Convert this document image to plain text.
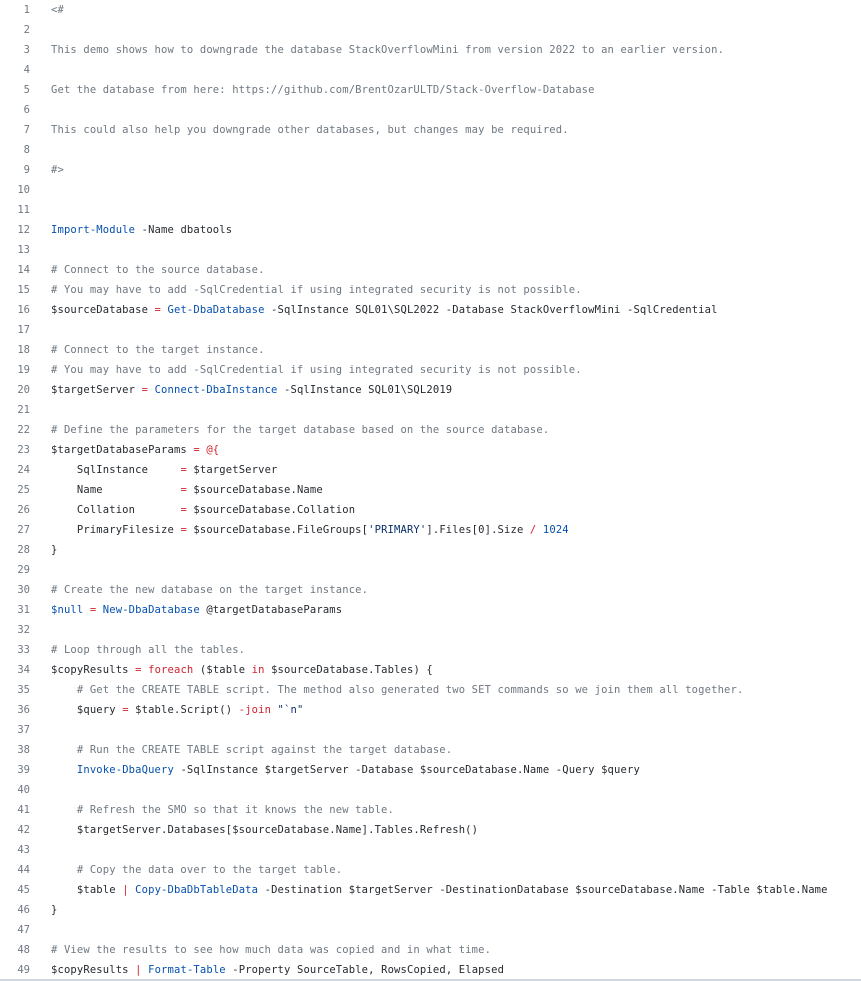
1 <#
2
3 This demo shows how to downgrade the database StackOverflowMini from version 2022 to an earlier version.
4
5 Get the database from here: https://github.com/BrentOzarULTD/Stack-Overflow-Database
6
7 This could also help you downgrade other databases, but changes may be required.
8
9 #>
10
11
12 Import-Module -Name dbatools
13
14 # Connect to the source database.
15 # You may have to add -SqlCredential if using integrated security is not possible.
16 $sourceDatabase = Get-DbaDatabase -SqlInstance SQL01\SQL2022 -Database StackOverflowMini -SqlCredential
17
18 # Connect to the target instance.
19 # You may have to add -SqlCredential if using integrated security is not possible.
20 $targetServer = Connect-DbaInstance -SqlInstance SQL01\SQL2019
21
22 # Define the parameters for the target database based on the source database.
23 $targetDatabaseParams = @{
24 SqlInstance     = $targetServer
25 Name            = $sourceDatabase.Name
26 Collation       = $sourceDatabase.Collation
27 PrimaryFilesize = $sourceDatabase.FileGroups['PRIMARY'].Files[0].Size / 1024
28 }
29
30 # Create the new database on the target instance.
31 $null = New-DbaDatabase @targetDatabaseParams
32
33 # Loop through all the tables.
34 $copyResults = foreach ($table in $sourceDatabase.Tables) {
35 # Get the CREATE TABLE script. The method also generated two SET commands so we join them all together.
36 $query = $table.Script() -join "`n"
37
38 # Run the CREATE TABLE script against the target database.
39	Invoke-DbaQuery -SqlInstance $targetServer -Database $sourceDatabase.Name -Query $query
40
41 # Refresh the SMO so that it knows the new table.
42 $targetServer.Databases[$sourceDatabase.Name].Tables.Refresh()
43
44 # Copy the data over to the target table.
45 $table | Copy-DbaDbTableData -Destination $targetServer -DestinationDatabase $sourceDatabase.Name -Table $table.Name
46 }
47
48 # View the results to see how much data was copied and in what time.
49 $copyResults | Format-Table -Property SourceTable, RowsCopied, Elapsed
